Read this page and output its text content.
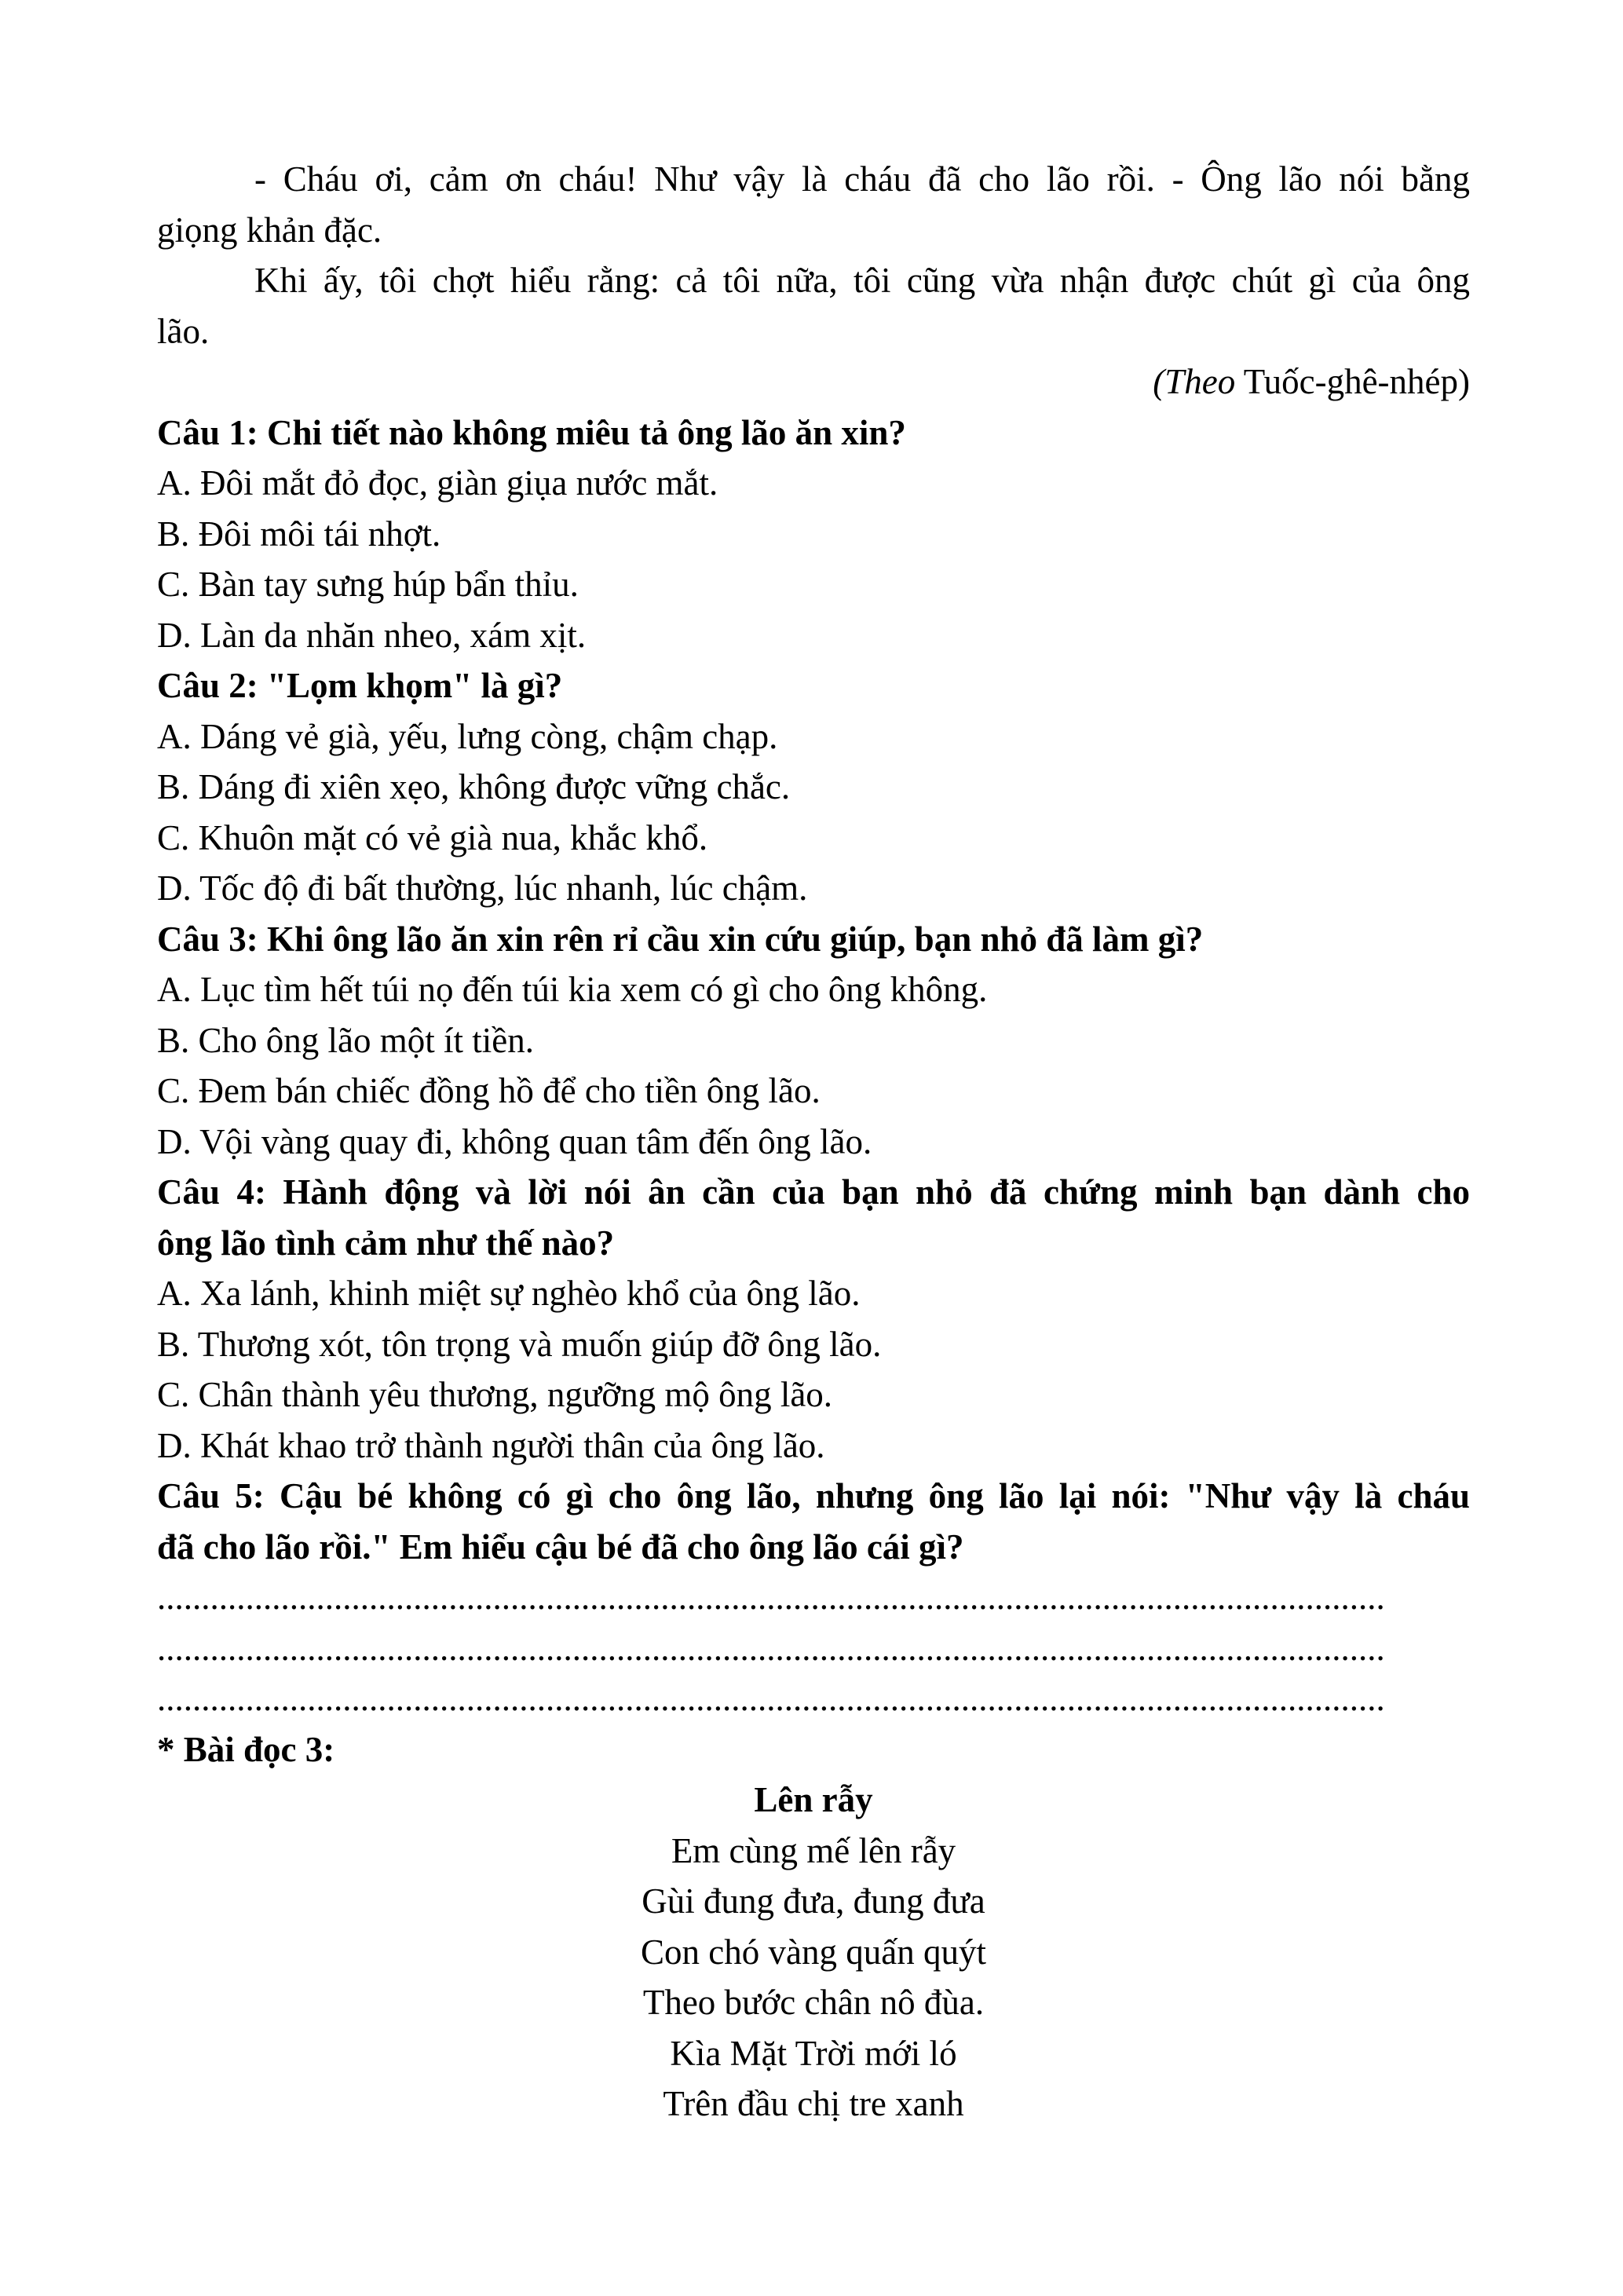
- Cháu ơi, cảm ơn cháu! Như vậy là cháu đã cho lão rồi. - Ông lão nói bằng
giọng khản đặc.
Khi ấy, tôi chợt hiểu rằng: cả tôi nữa, tôi cũng vừa nhận được chút gì của ông
lão.
(Theo Tuốc-ghê-nhép)
Câu 1: Chi tiết nào không miêu tả ông lão ăn xin?
A. Đôi mắt đỏ đọc, giàn giụa nước mắt.
B. Đôi môi tái nhợt.
C. Bàn tay sưng húp bẩn thỉu.
D. Làn da nhăn nheo, xám xịt.
Câu 2: "Lọm khọm" là gì?
A. Dáng vẻ già, yếu, lưng còng, chậm chạp.
B. Dáng đi xiên xẹo, không được vững chắc.
C. Khuôn mặt có vẻ già nua, khắc khổ.
D. Tốc độ đi bất thường, lúc nhanh, lúc chậm.
Câu 3: Khi ông lão ăn xin rên rỉ cầu xin cứu giúp, bạn nhỏ đã làm gì?
A. Lục tìm hết túi nọ đến túi kia xem có gì cho ông không.
B. Cho ông lão một ít tiền.
C. Đem bán chiếc đồng hồ để cho tiền ông lão.
D. Vội vàng quay đi, không quan tâm đến ông lão.
Câu 4: Hành động và lời nói ân cần của bạn nhỏ đã chứng minh bạn dành cho
ông lão tình cảm như thế nào?
A. Xa lánh, khinh miệt sự nghèo khổ của ông lão.
B. Thương xót, tôn trọng và muốn giúp đỡ ông lão.
C. Chân thành yêu thương, ngưỡng mộ ông lão.
D. Khát khao trở thành người thân của ông lão.
Câu 5: Cậu bé không có gì cho ông lão, nhưng ông lão lại nói: "Như vậy là cháu
đã cho lão rồi." Em hiểu cậu bé đã cho ông lão cái gì?
...........................................................................................................................................
...........................................................................................................................................
...........................................................................................................................................
* Bài đọc 3:
Lên rẫy
Em cùng mế lên rẫy
Gùi đung đưa, đung đưa
Con chó vàng quấn quýt
Theo bước chân nô đùa.
Kìa Mặt Trời mới ló
Trên đầu chị tre xanh
